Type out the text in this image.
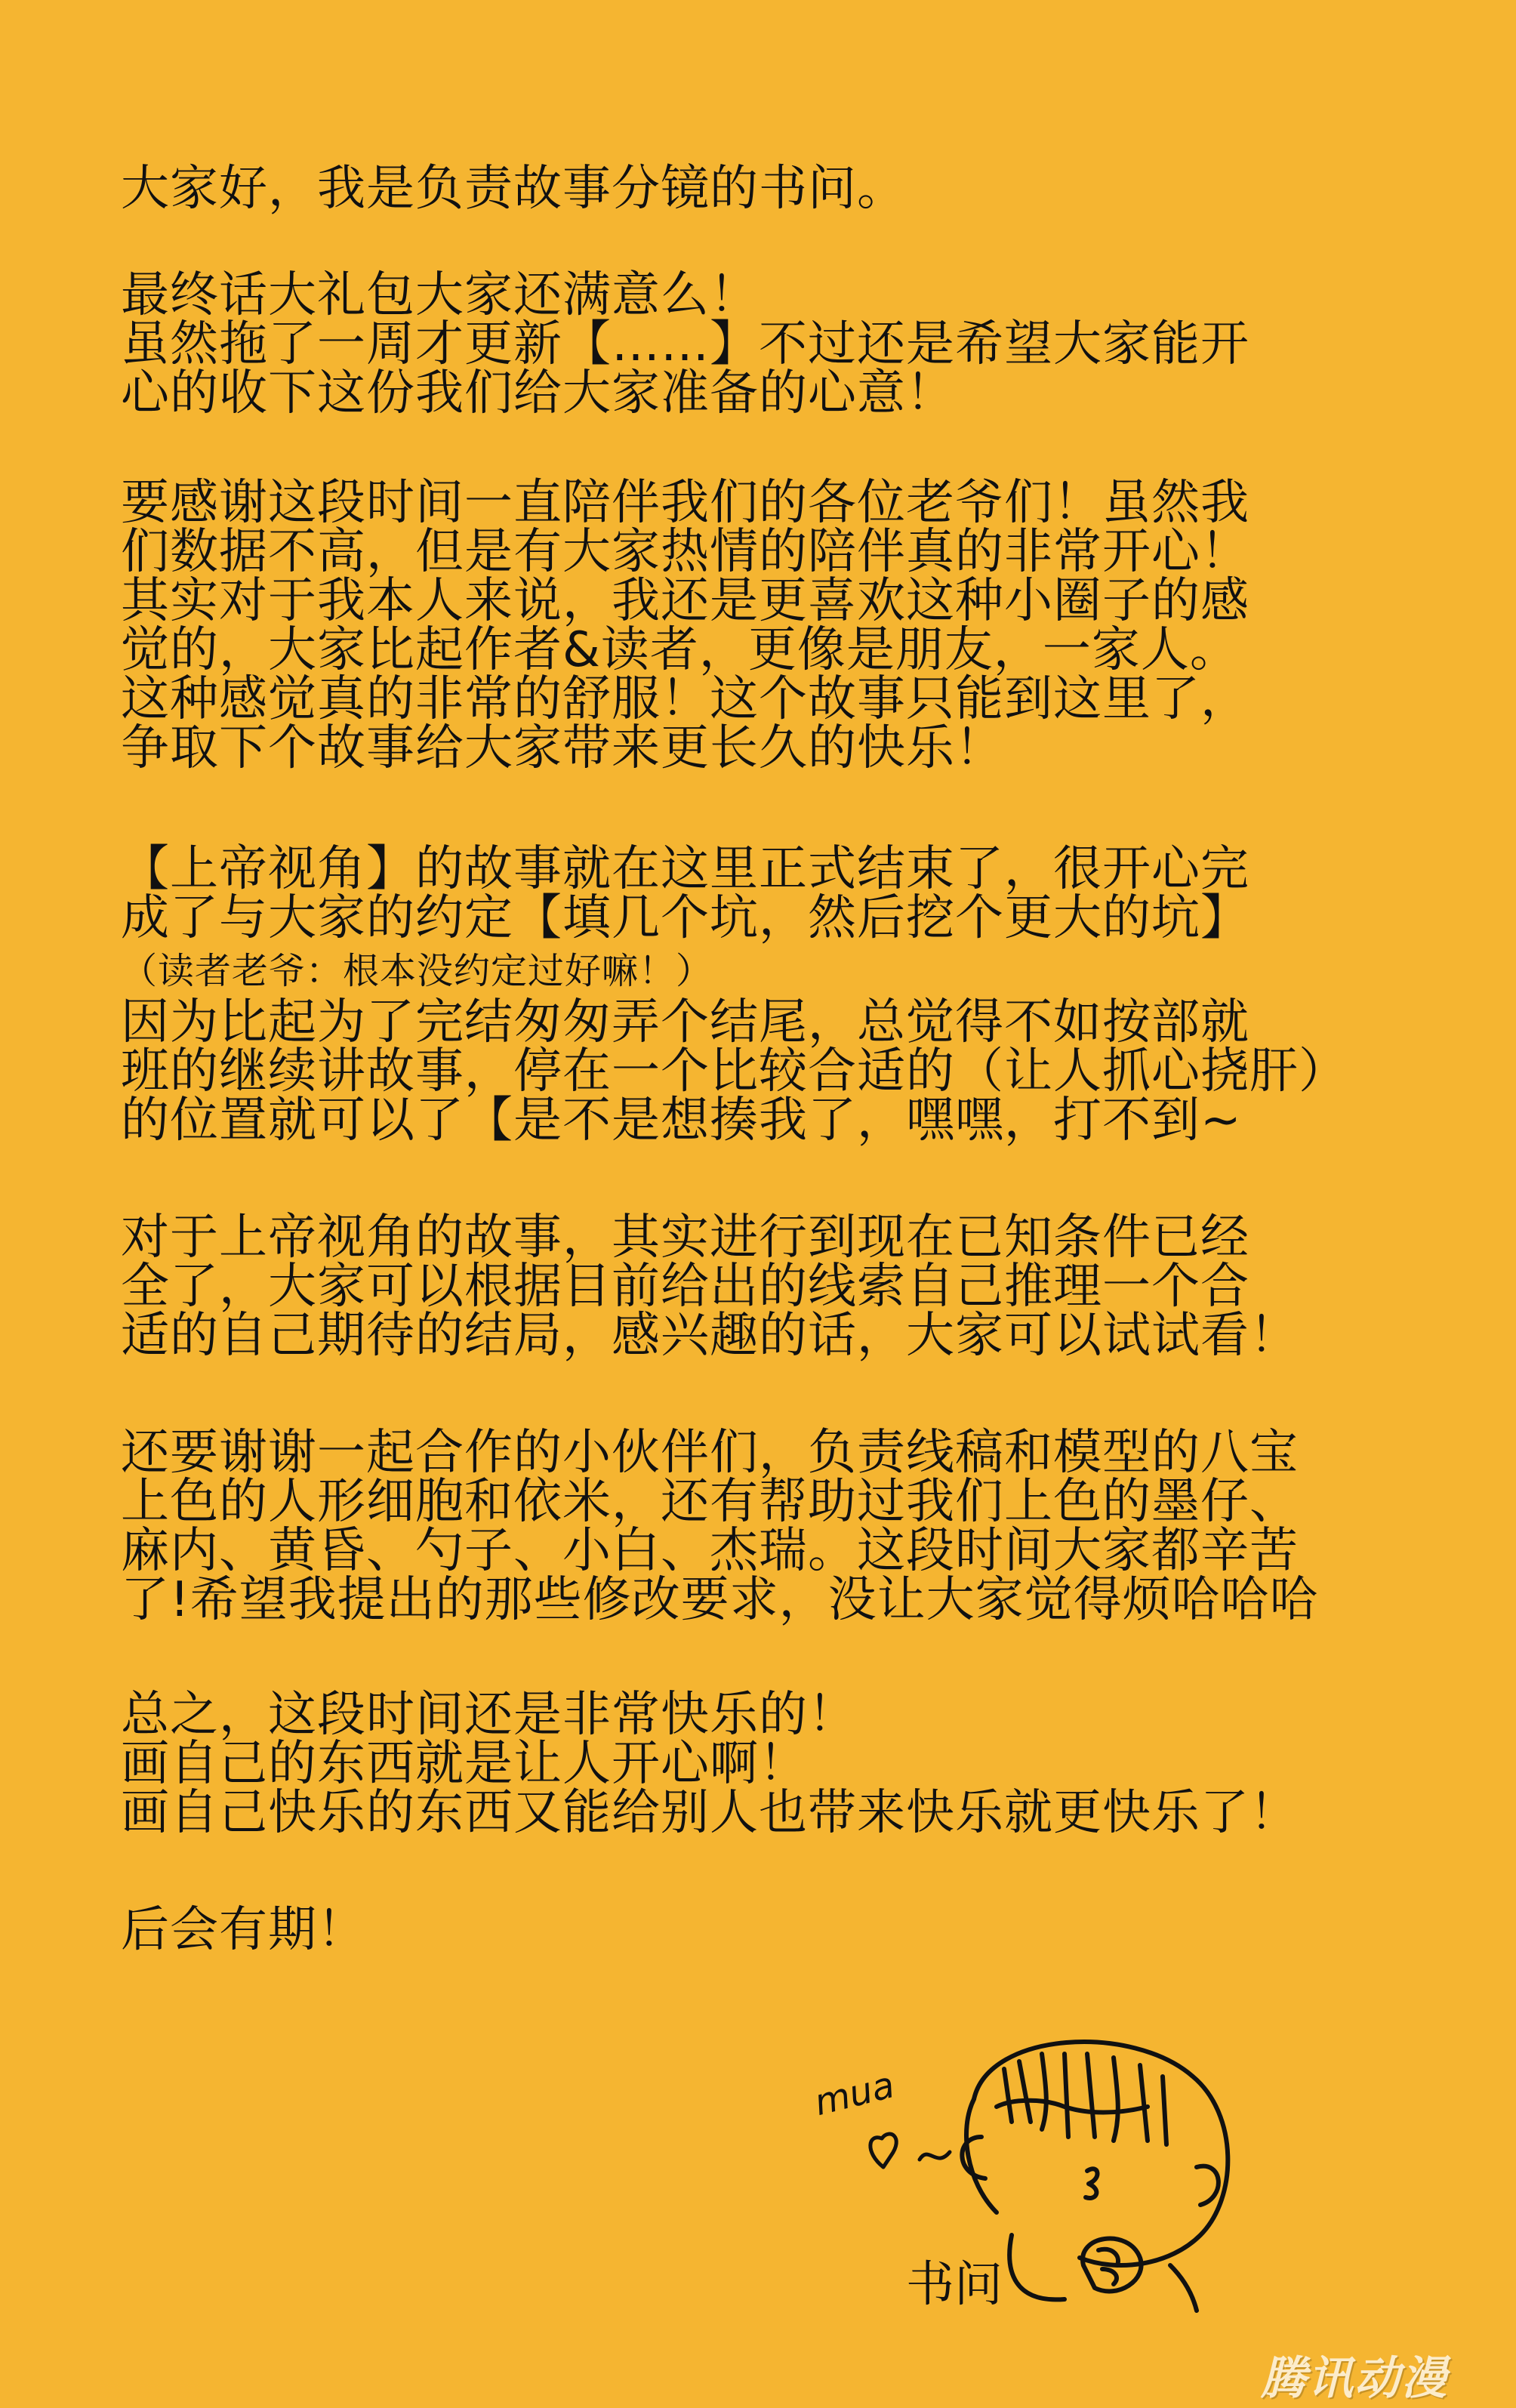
大家好，我是负责故事分镜的书问。
最终话大礼包大家还满意么！
虽然拖了一周才更新【……】不过还是希望大家能开
心的收下这份我们给大家准备的心意！
要感谢这段时间一直陪伴我们的各位老爷们！虽然我
们数据不高，但是有大家热情的陪伴真的非常开心！
其实对于我本人来说，我还是更喜欢这种小圈子的感
觉的，大家比起作者&读者，更像是朋友，一家人。
这种感觉真的非常的舒服！这个故事只能到这里了，
争取下个故事给大家带来更长久的快乐！
【上帝视角】的故事就在这里正式结束了，很开心完
成了与大家的约定【填几个坑，然后挖个更大的坑】
（读者老爷：根本没约定过好嘛！）
因为比起为了完结匆匆弄个结尾，总觉得不如按部就
班的继续讲故事，停在一个比较合适的（让人抓心挠肝）
的位置就可以了【是不是想揍我了，嘿嘿，打不到~
对于上帝视角的故事，其实进行到现在已知条件已经
全了，大家可以根据目前给出的线索自己推理一个合
适的自己期待的结局，感兴趣的话，大家可以试试看！
还要谢谢一起合作的小伙伴们，负责线稿和模型的八宝
上色的人形细胞和依米，还有帮助过我们上色的墨仔、
麻内、黄昏、勺子、小白、杰瑞。这段时间大家都辛苦
了!希望我提出的那些修改要求，没让大家觉得烦哈哈哈
总之，这段时间还是非常快乐的！
画自己的东西就是让人开心啊！
画自己快乐的东西又能给别人也带来快乐就更快乐了！
后会有期！
mua
书问
腾讯动漫
